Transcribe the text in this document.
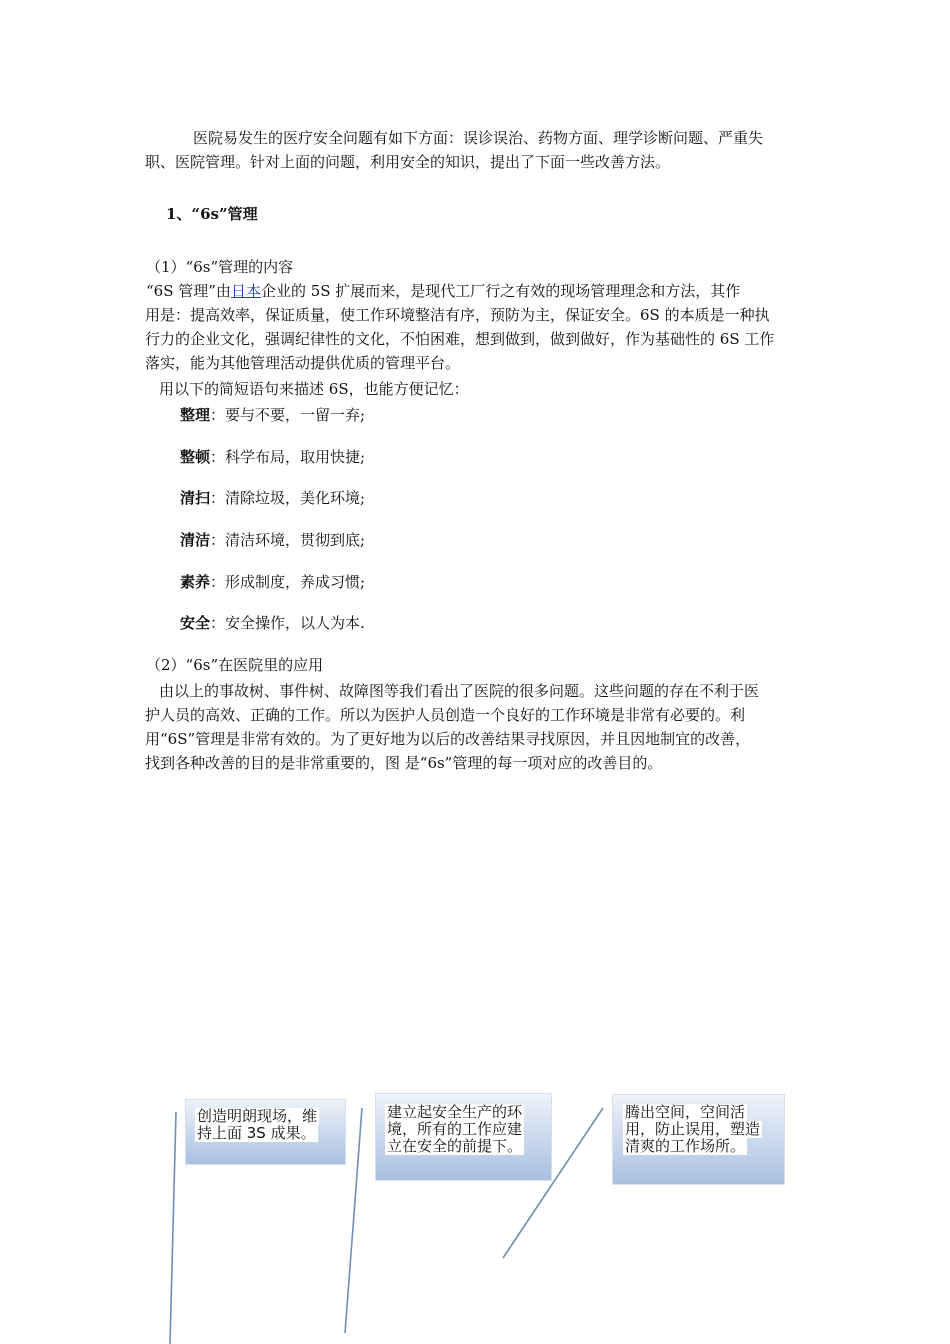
医院易发生的医疗安全问题有如下方面：误诊误治、药物方面、理学诊断问题、严重失

职、医院管理。针对上面的问题，利用安全的知识，提出了下面一些改善方法。

1、“6s”管理

（1）“6s”管理的内容

“6S 管理”由日本企业的 5S 扩展而来，是现代工厂行之有效的现场管理理念和方法，其作

用是：提高效率，保证质量，使工作环境整洁有序，预防为主，保证安全。6S 的本质是一种执

行力的企业文化，强调纪律性的文化，不怕困难，想到做到，做到做好，作为基础性的 6S 工作

落实，能为其他管理活动提供优质的管理平台。

用以下的简短语句来描述 6S，也能方便记忆：

整理：要与不要，一留一弃;

整顿：科学布局，取用快捷;

清扫：清除垃圾，美化环境;

清洁：清洁环境，贯彻到底;

素养：形成制度，养成习惯;

安全：安全操作，以人为本.

（2）“6s”在医院里的应用

由以上的事故树、事件树、故障图等我们看出了医院的很多问题。这些问题的存在不利于医

护人员的高效、正确的工作。所以为医护人员创造一个良好的工作环境是非常有必要的。利

用“6S”管理是非常有效的。为了更好地为以后的改善结果寻找原因，并且因地制宜的改善，

找到各种改善的目的是非常重要的，图 是“6s”管理的每一项对应的改善目的。

创造明朗现场，维

持上面 3S 成果。

建立起安全生产的环

境，所有的工作应建

立在安全的前提下。

腾出空间，空间活

用，防止误用，塑造

清爽的工作场所。
